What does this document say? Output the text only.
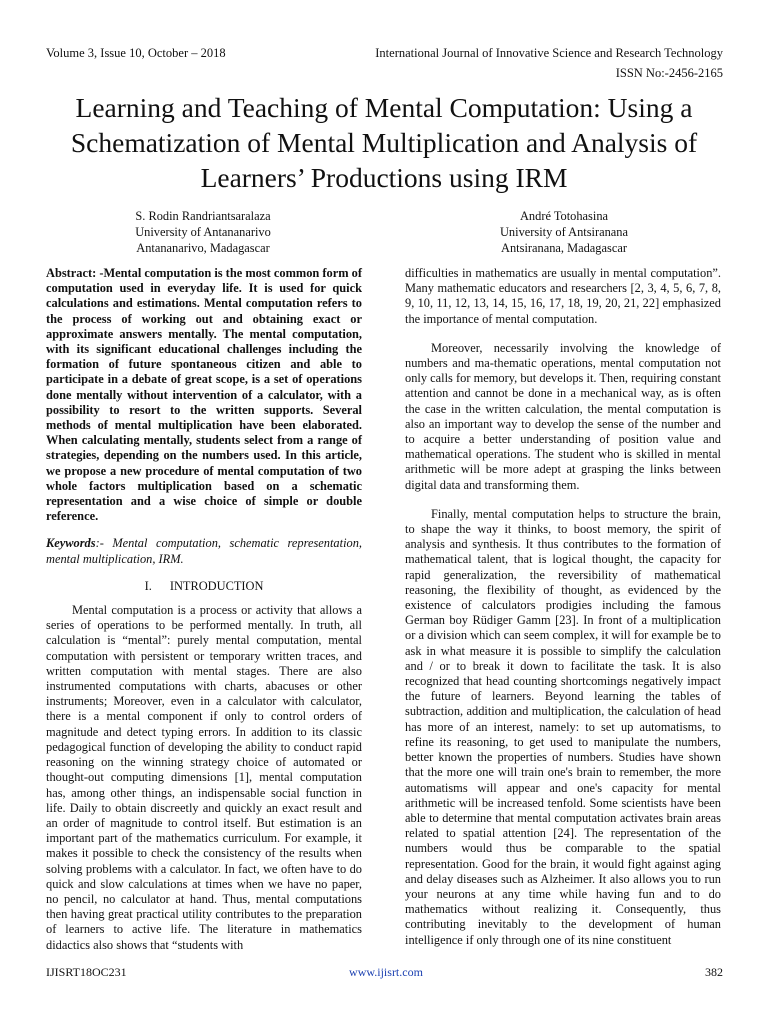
Volume 3, Issue 10, October – 2018	International Journal of Innovative Science and Research Technology
ISSN No:-2456-2165
Learning and Teaching of Mental Computation: Using a Schematization of Mental Multiplication and Analysis of Learners’ Productions using IRM
S. Rodin Randriantsaralaza
University of Antananarivo
Antananarivo, Madagascar
André Totohasina
University of Antsiranana
Antsiranana, Madagascar

Abstract: -Mental computation is the most common form of computation used in everyday life. It is used for quick calculations and estimations. Mental computation refers to the process of working out and obtaining exact or approximate answers mentally. The mental computation, with its significant educational challenges including the formation of future spontaneous citizen and able to participate in a debate of great scope, is a set of operations done mentally without intervention of a calculator, with a possibility to resort to the written supports. Several methods of mental multiplication have been elaborated. When calculating mentally, students select from a range of strategies, depending on the numbers used. In this article, we propose a new procedure of mental computation of two whole factors multiplication based on a schematic representation and a wise choice of simple or double reference.

Keywords:- Mental computation, schematic representation, mental multiplication, IRM.

I. INTRODUCTION

Mental computation is a process or activity that allows a series of operations to be performed mentally. In truth, all calculation is “mental”: purely mental computation, mental computation with persistent or temporary written traces, and written computation with mental stages. There are also instrumented computations with charts, abacuses or other instruments; Moreover, even in a calculator with calculator, there is a mental component if only to control orders of magnitude and detect typing errors. In addition to its classic pedagogical function of developing the ability to conduct rapid reasoning on the winning strategy choice of automated or thought-out computing dimensions [1], mental computation has, among other things, an indispensable social function in life. Daily to obtain discreetly and quickly an exact result and an order of magnitude to control itself. But estimation is an important part of the mathematics curriculum. For example, it makes it possible to check the consistency of the results when solving problems with a calculator. In fact, we often have to do quick and slow calculations at times when we have no paper, no pencil, no calculator at hand. Thus, mental computations then having great practical utility contributes to the preparation of learners to active life. The literature in mathematics didactics also shows that “students with

difficulties in mathematics are usually in mental computation”. Many mathematic educators and researchers [2, 3, 4, 5, 6, 7, 8, 9, 10, 11, 12, 13, 14, 15, 16, 17, 18, 19, 20, 21, 22] emphasized the importance of mental computation.

Moreover, necessarily involving the knowledge of numbers and ma-thematic operations, mental computation not only calls for memory, but develops it. Then, requiring constant attention and cannot be done in a mechanical way, as is often the case in the written calculation, the mental computation is also an important way to develop the sense of the number and to acquire a better understanding of position value and mathematical operations. The student who is skilled in mental arithmetic will be more adept at grasping the links between digital data and transforming them.

Finally, mental computation helps to structure the brain, to shape the way it thinks, to boost memory, the spirit of analysis and synthesis. It thus contributes to the formation of mathematical talent, that is logical thought, the capacity for rapid generalization, the reversibility of mathematical reasoning, the flexibility of thought, as evidenced by the existence of calculators prodigies including the famous German boy Rüdiger Gamm [23]. In front of a multiplication or a division which can seem complex, it will for example be to ask in what measure it is possible to simplify the calculation and / or to break it down to facilitate the task. It is also recognized that head counting shortcomings negatively impact the future of learners. Beyond learning the tables of subtraction, addition and multiplication, the calculation of head has more of an interest, namely: to set up automatisms, to refine its reasoning, to get used to manipulate the numbers, better known the properties of numbers. Studies have shown that the more one will train one's brain to remember, the more automatisms will appear and one's capacity for mental arithmetic will be increased tenfold. Some scientists have been able to determine that mental computation activates brain areas related to spatial attention [24]. The representation of the numbers would thus be comparable to the spatial representation. Good for the brain, it would fight against aging and delay diseases such as Alzheimer. It also allows you to run your neurons at any time while having fun and to do mathematics without realizing it. Consequently, thus contributing inevitably to the development of human intelligence if only through one of its nine constituent

IJISRT18OC231	www.ijisrt.com	382
